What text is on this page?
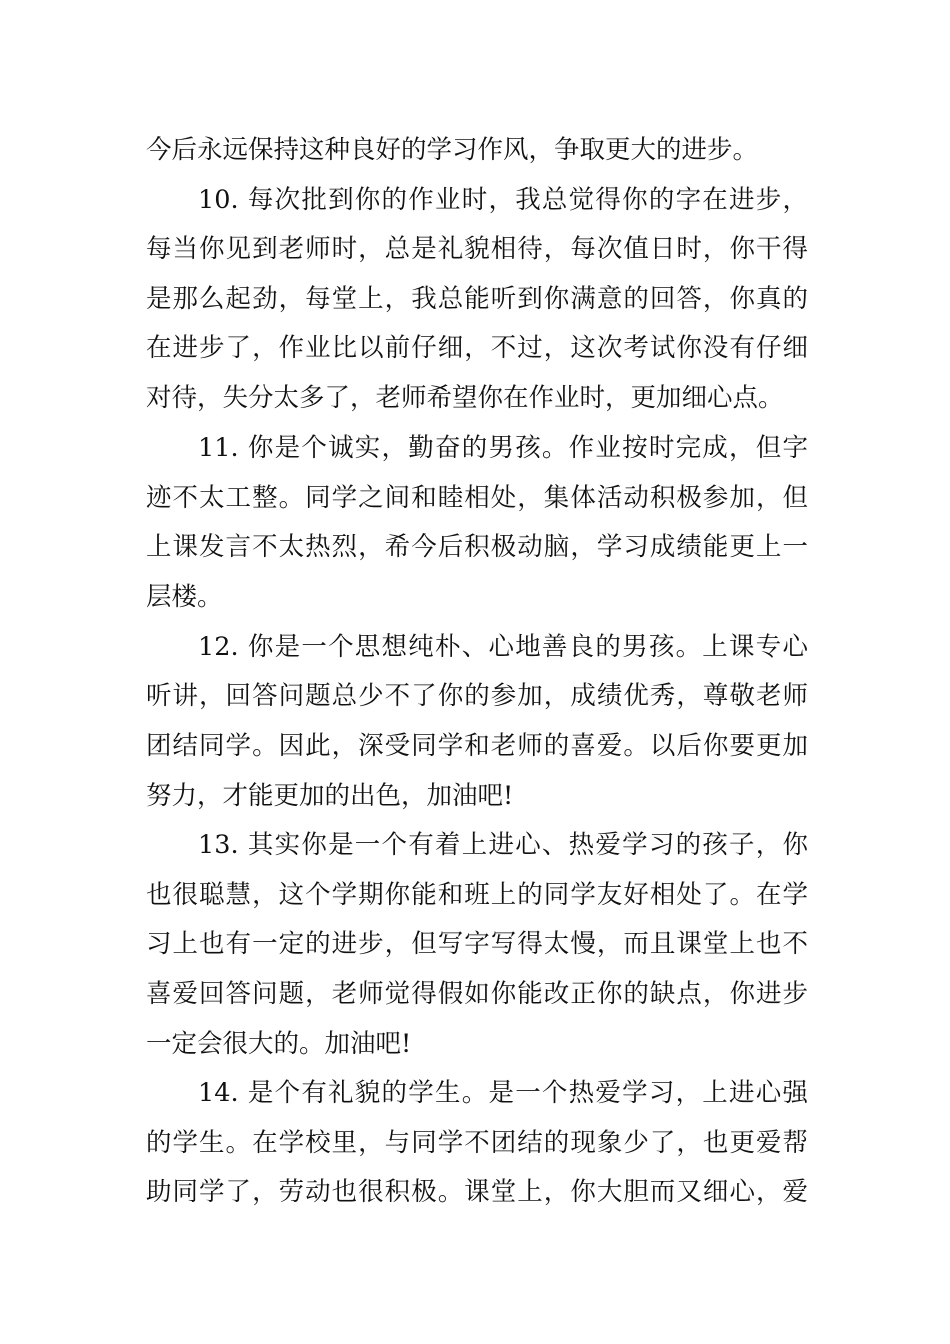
今后永远保持这种良好的学习作风，争取更大的进步。
10. 每次批到你的作业时，我总觉得你的字在进步，
每当你见到老师时，总是礼貌相待，每次值日时，你干得
是那么起劲，每堂上，我总能听到你满意的回答，你真的
在进步了，作业比以前仔细，不过，这次考试你没有仔细
对待，失分太多了，老师希望你在作业时，更加细心点。
11. 你是个诚实，勤奋的男孩。作业按时完成，但字
迹不太工整。同学之间和睦相处，集体活动积极参加，但
上课发言不太热烈，希今后积极动脑，学习成绩能更上一
层楼。
12. 你是一个思想纯朴、心地善良的男孩。上课专心
听讲，回答问题总少不了你的参加，成绩优秀，尊敬老师
团结同学。因此，深受同学和老师的喜爱。以后你要更加
努力，才能更加的出色，加油吧!
13. 其实你是一个有着上进心、热爱学习的孩子，你
也很聪慧，这个学期你能和班上的同学友好相处了。在学
习上也有一定的进步，但写字写得太慢，而且课堂上也不
喜爱回答问题，老师觉得假如你能改正你的缺点，你进步
一定会很大的。加油吧!
14. 是个有礼貌的学生。是一个热爱学习，上进心强
的学生。在学校里，与同学不团结的现象少了，也更爱帮
助同学了，劳动也很积极。课堂上，你大胆而又细心，爱
